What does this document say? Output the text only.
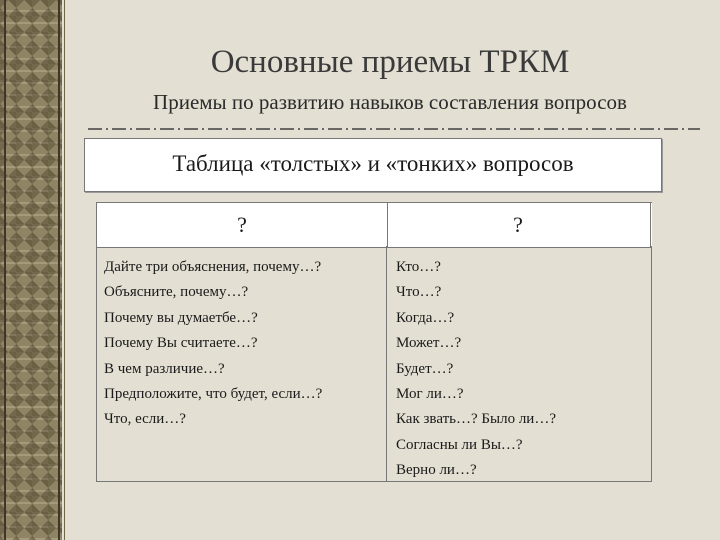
Основные приемы ТРКМ
Приемы по развитию навыков составления вопросов
Таблица «толстых» и «тонких» вопросов
?	?
Дайте три объяснения, почему…?
Объясните, почему…?
Почему вы думаетбе…?
Почему Вы считаете…?
В чем различие…?
Предположите, что будет, если…?
Что, если…?
Кто…?
Что…?
Когда…?
Может…?
Будет…?
Мог ли…?
Как звать…? Было ли…?
Согласны ли Вы…?
Верно ли…?
